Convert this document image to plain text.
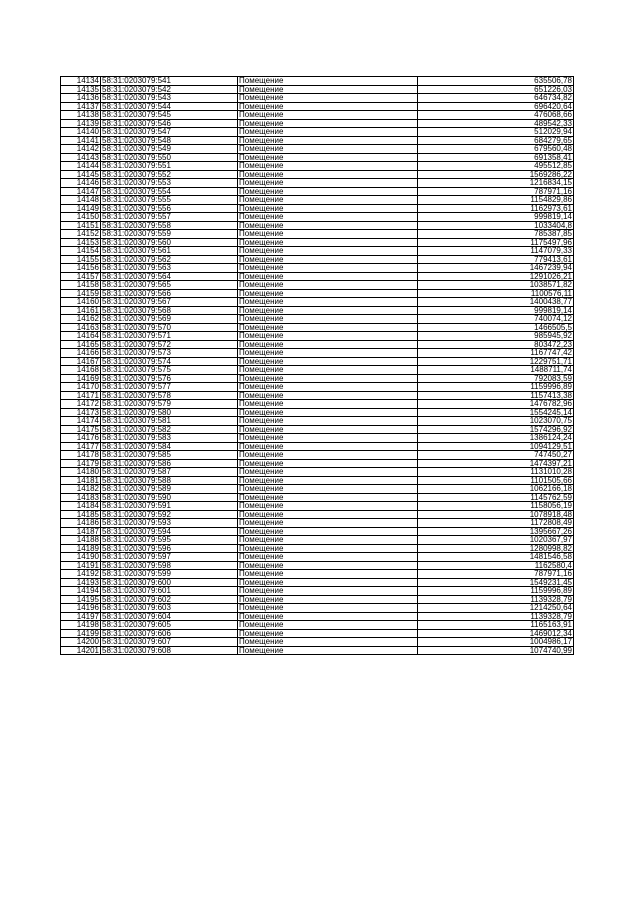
14134	58:31:0203079:541	Помещение	635506,78
14135	58:31:0203079:542	Помещение	651226,03
14136	58:31:0203079:543	Помещение	646734,82
14137	58:31:0203079:544	Помещение	696420,64
14138	58:31:0203079:545	Помещение	476068,66
14139	58:31:0203079:546	Помещение	489542,33
14140	58:31:0203079:547	Помещение	512029,94
14141	58:31:0203079:548	Помещение	684279,65
14142	58:31:0203079:549	Помещение	679560,48
14143	58:31:0203079:550	Помещение	691358,41
14144	58:31:0203079:551	Помещение	495512,85
14145	58:31:0203079:552	Помещение	1569286,22
14146	58:31:0203079:553	Помещение	1216834,15
14147	58:31:0203079:554	Помещение	787971,16
14148	58:31:0203079:555	Помещение	1154829,86
14149	58:31:0203079:556	Помещение	1162973,61
14150	58:31:0203079:557	Помещение	999819,14
14151	58:31:0203079:558	Помещение	1033404,8
14152	58:31:0203079:559	Помещение	785387,85
14153	58:31:0203079:560	Помещение	1175497,96
14154	58:31:0203079:561	Помещение	1147079,33
14155	58:31:0203079:562	Помещение	779413,61
14156	58:31:0203079:563	Помещение	1467239,94
14157	58:31:0203079:564	Помещение	1291026,21
14158	58:31:0203079:565	Помещение	1038571,82
14159	58:31:0203079:566	Помещение	1100576,11
14160	58:31:0203079:567	Помещение	1400438,77
14161	58:31:0203079:568	Помещение	999819,14
14162	58:31:0203079:569	Помещение	740074,12
14163	58:31:0203079:570	Помещение	1466505,5
14164	58:31:0203079:571	Помещение	985945,92
14165	58:31:0203079:572	Помещение	803472,23
14166	58:31:0203079:573	Помещение	1167747,42
14167	58:31:0203079:574	Помещение	1229751,71
14168	58:31:0203079:575	Помещение	1488711,74
14169	58:31:0203079:576	Помещение	792083,59
14170	58:31:0203079:577	Помещение	1159996,89
14171	58:31:0203079:578	Помещение	1157413,38
14172	58:31:0203079:579	Помещение	1476782,96
14173	58:31:0203079:580	Помещение	1554245,14
14174	58:31:0203079:581	Помещение	1023070,75
14175	58:31:0203079:582	Помещение	1574296,92
14176	58:31:0203079:583	Помещение	1386124,24
14177	58:31:0203079:584	Помещение	1094129,51
14178	58:31:0203079:585	Помещение	747450,27
14179	58:31:0203079:586	Помещение	1474397,21
14180	58:31:0203079:587	Помещение	1131010,28
14181	58:31:0203079:588	Помещение	1101505,66
14182	58:31:0203079:589	Помещение	1062166,18
14183	58:31:0203079:590	Помещение	1145762,59
14184	58:31:0203079:591	Помещение	1158056,19
14185	58:31:0203079:592	Помещение	1078918,48
14186	58:31:0203079:593	Помещение	1172808,49
14187	58:31:0203079:594	Помещение	1395667,26
14188	58:31:0203079:595	Помещение	1020367,97
14189	58:31:0203079:596	Помещение	1280998,82
14190	58:31:0203079:597	Помещение	1481546,58
14191	58:31:0203079:598	Помещение	1162580,4
14192	58:31:0203079:599	Помещение	787971,16
14193	58:31:0203079:600	Помещение	1549231,45
14194	58:31:0203079:601	Помещение	1159996,89
14195	58:31:0203079:602	Помещение	1139328,79
14196	58:31:0203079:603	Помещение	1214250,64
14197	58:31:0203079:604	Помещение	1139328,79
14198	58:31:0203079:605	Помещение	1165163,91
14199	58:31:0203079:606	Помещение	1469012,34
14200	58:31:0203079:607	Помещение	1004986,17
14201	58:31:0203079:608	Помещение	1074740,99
